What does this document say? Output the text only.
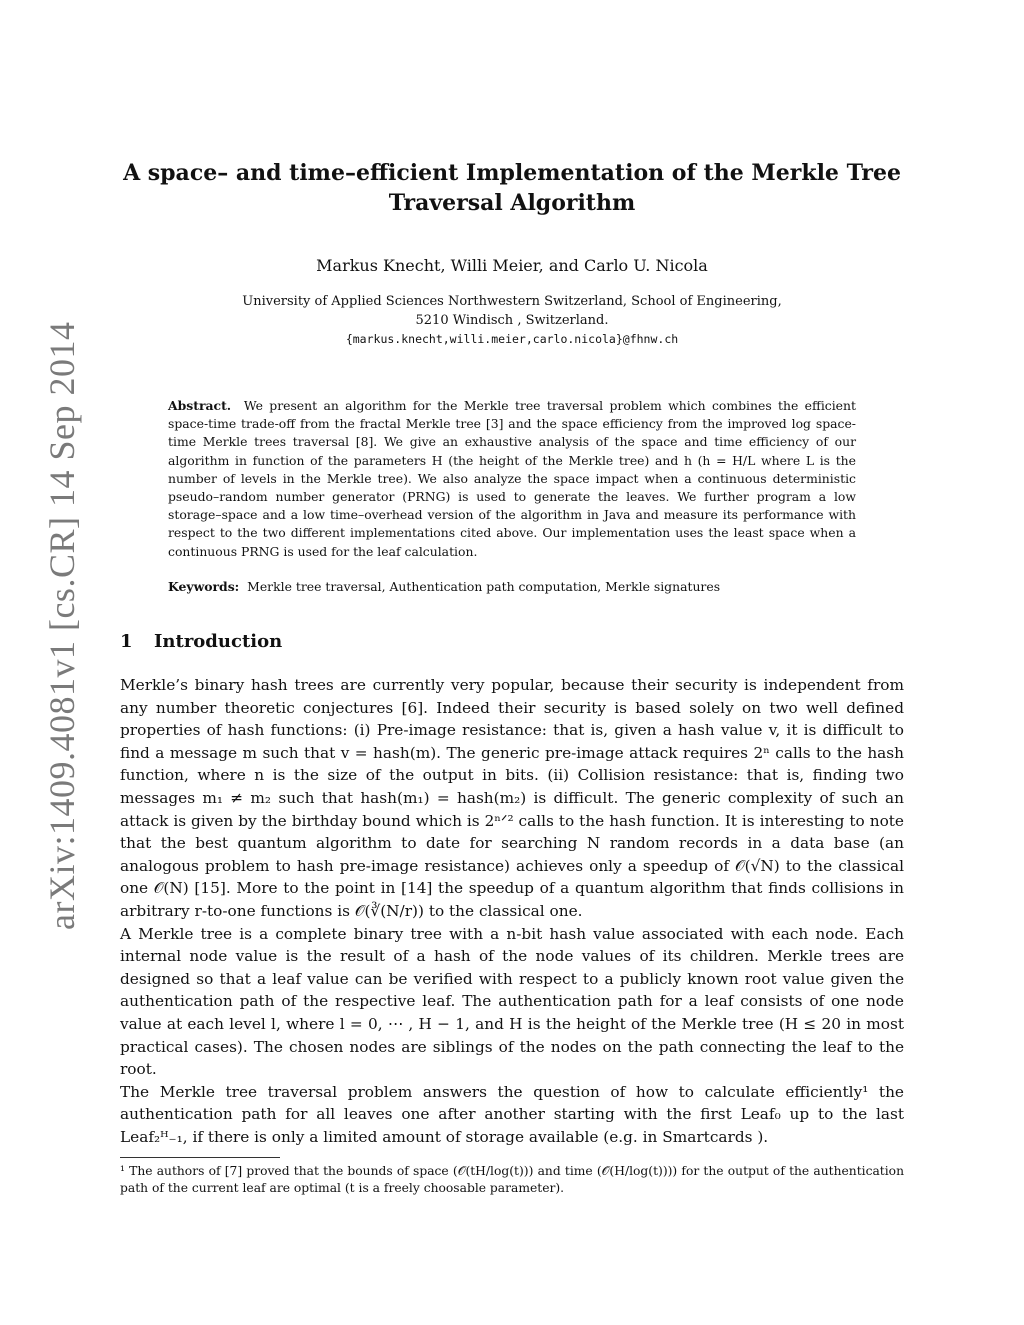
arXiv:1409.4081v1 [cs.CR] 14 Sep 2014
A space– and time–efficient Implementation of the Merkle Tree Traversal Algorithm
Markus Knecht, Willi Meier, and Carlo U. Nicola
University of Applied Sciences Northwestern Switzerland, School of Engineering,
5210 Windisch , Switzerland.
{markus.knecht,willi.meier,carlo.nicola}@fhnw.ch
Abstract. We present an algorithm for the Merkle tree traversal problem which combines the efficient space-time trade-off from the fractal Merkle tree [3] and the space efficiency from the improved log space-time Merkle trees traversal [8]. We give an exhaustive analysis of the space and time efficiency of our algorithm in function of the parameters H (the height of the Merkle tree) and h (h = H/L where L is the number of levels in the Merkle tree). We also analyze the space impact when a continuous deterministic pseudo–random number generator (PRNG) is used to generate the leaves. We further program a low storage–space and a low time–overhead version of the algorithm in Java and measure its performance with respect to the two different implementations cited above. Our implementation uses the least space when a continuous PRNG is used for the leaf calculation.
Keywords: Merkle tree traversal, Authentication path computation, Merkle signatures
1 Introduction

Merkle’s binary hash trees are currently very popular, because their security is independent from any number theoretic conjectures [6]. Indeed their security is based solely on two well defined properties of hash functions: (i) Pre-image resistance: that is, given a hash value v, it is difficult to find a message m such that v = hash(m). The generic pre-image attack requires 2ⁿ calls to the hash function, where n is the size of the output in bits. (ii) Collision resistance: that is, finding two messages m₁ ≠ m₂ such that hash(m₁) = hash(m₂) is difficult. The generic complexity of such an attack is given by the birthday bound which is 2ⁿᐟ² calls to the hash function. It is interesting to note that the best quantum algorithm to date for searching N random records in a data base (an analogous problem to hash pre-image resistance) achieves only a speedup of 𝒪(√N) to the classical one 𝒪(N) [15]. More to the point in [14] the speedup of a quantum algorithm that finds collisions in arbitrary r-to-one functions is 𝒪(∛(N/r)) to the classical one.

A Merkle tree is a complete binary tree with a n-bit hash value associated with each node. Each internal node value is the result of a hash of the node values of its children. Merkle trees are designed so that a leaf value can be verified with respect to a publicly known root value given the authentication path of the respective leaf. The authentication path for a leaf consists of one node value at each level l, where l = 0, ⋯ , H − 1, and H is the height of the Merkle tree (H ≤ 20 in most practical cases). The chosen nodes are siblings of the nodes on the path connecting the leaf to the root.

The Merkle tree traversal problem answers the question of how to calculate efficiently¹ the authentication path for all leaves one after another starting with the first Leaf₀ up to the last Leaf₂ᴴ₋₁, if there is only a limited amount of storage available (e.g. in Smartcards ).

¹ The authors of [7] proved that the bounds of space (𝒪(tH/log(t))) and time (𝒪(H/log(t)))) for the output of the authentication path of the current leaf are optimal (t is a freely choosable parameter).
